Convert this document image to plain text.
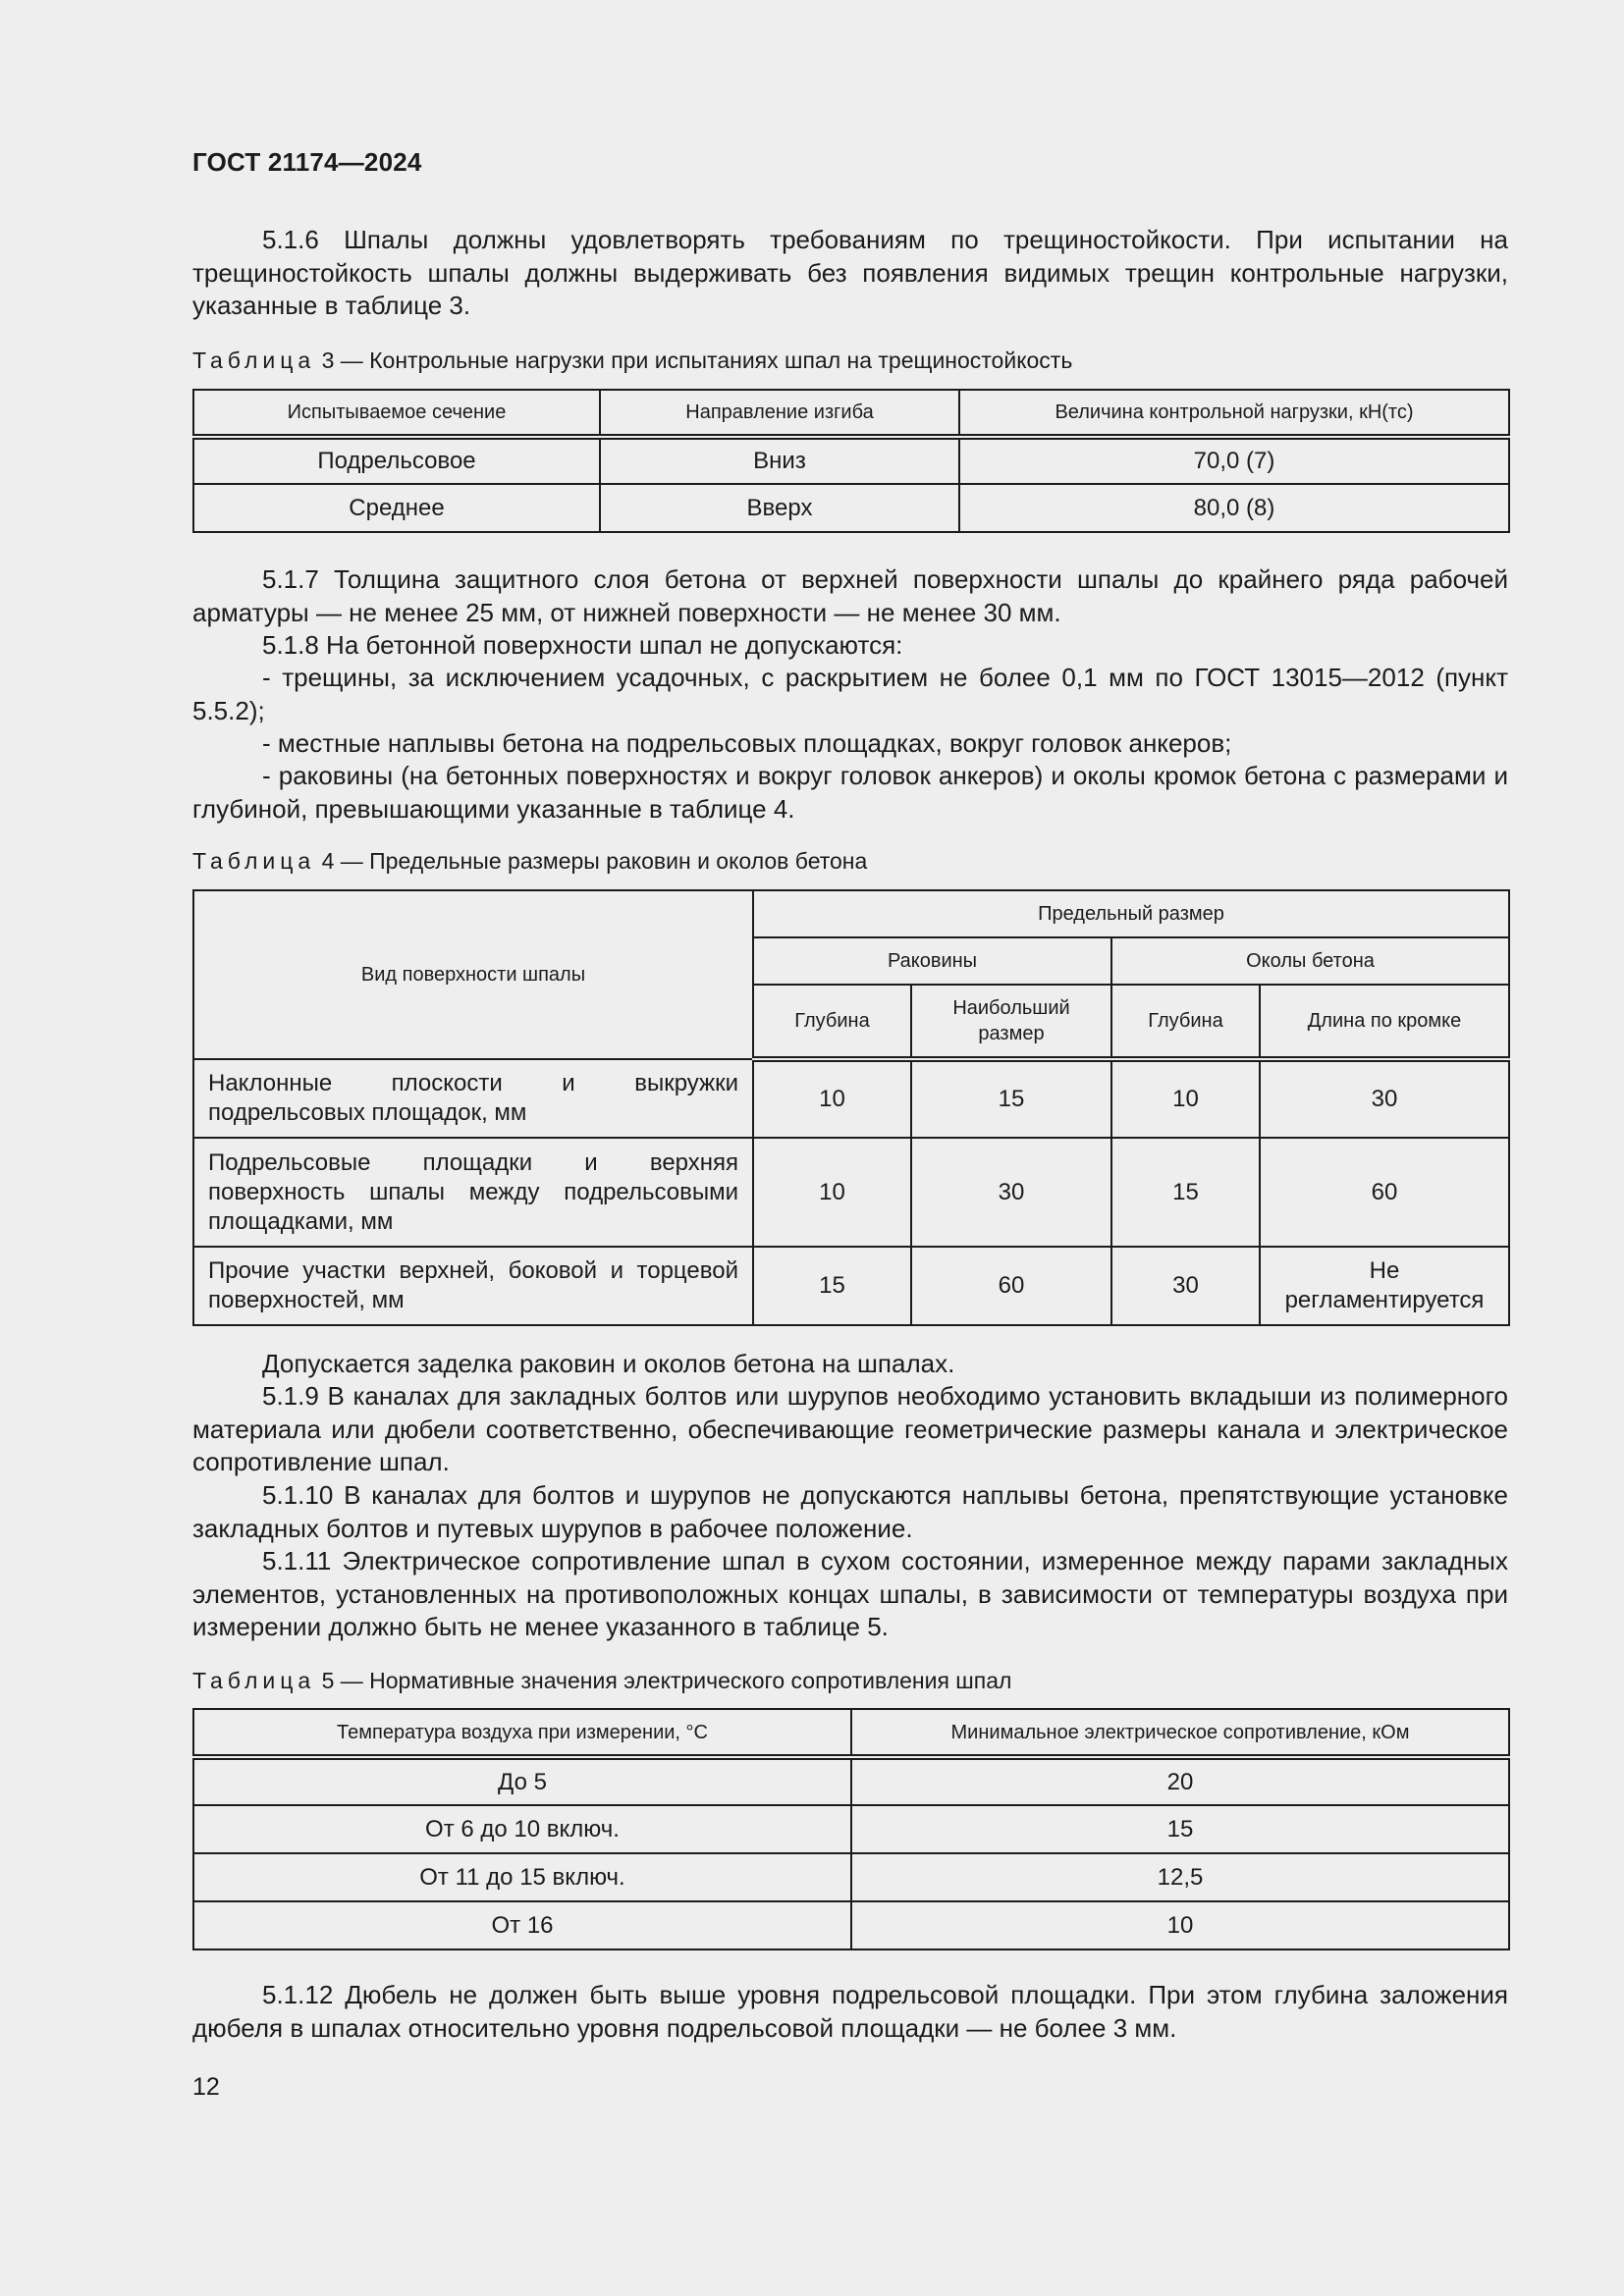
ГОСТ 21174—2024

5.1.6 Шпалы должны удовлетворять требованиям по трещиностойкости. При испытании на трещиностойкость шпалы должны выдерживать без появления видимых трещин контрольные нагрузки, указанные в таблице 3.

Таблица 3 — Контрольные нагрузки при испытаниях шпал на трещиностойкость
Испытываемое сечение	Направление изгиба	Величина контрольной нагрузки, кН(тс)
Подрельсовое	Вниз	70,0 (7)
Среднее	Вверх	80,0 (8)

5.1.7 Толщина защитного слоя бетона от верхней поверхности шпалы до крайнего ряда рабочей арматуры — не менее 25 мм, от нижней поверхности — не менее 30 мм.

5.1.8 На бетонной поверхности шпал не допускаются:

- трещины, за исключением усадочных, с раскрытием не более 0,1 мм по ГОСТ 13015—2012 (пункт 5.5.2);

- местные наплывы бетона на подрельсовых площадках, вокруг головок анкеров;

- раковины (на бетонных поверхностях и вокруг головок анкеров) и околы кромок бетона с размерами и глубиной, превышающими указанные в таблице 4.

Таблица 4 — Предельные размеры раковин и околов бетона
Вид поверхности шпалы	Предельный размер			
	Раковины		Околы бетона	
	Глубина	Наибольший размер	Глубина	Длина по кромке
Наклонные плоскости и выкружки подрельсовых площадок, мм	10	15	10	30
Подрельсовые площадки и верхняя поверхность шпалы между подрельсовыми площадками, мм	10	30	15	60
Прочие участки верхней, боковой и торцевой поверхностей, мм	15	60	30	Не регламентируется

Допускается заделка раковин и околов бетона на шпалах.

5.1.9 В каналах для закладных болтов или шурупов необходимо установить вкладыши из полимерного материала или дюбели соответственно, обеспечивающие геометрические размеры канала и электрическое сопротивление шпал.

5.1.10 В каналах для болтов и шурупов не допускаются наплывы бетона, препятствующие установке закладных болтов и путевых шурупов в рабочее положение.

5.1.11 Электрическое сопротивление шпал в сухом состоянии, измеренное между парами закладных элементов, установленных на противоположных концах шпалы, в зависимости от температуры воздуха при измерении должно быть не менее указанного в таблице 5.

Таблица 5 — Нормативные значения электрического сопротивления шпал
Температура воздуха при измерении, °С	Минимальное электрическое сопротивление, кОм
До 5	20
От 6 до 10 включ.	15
От 11 до 15 включ.	12,5
От 16	10

5.1.12 Дюбель не должен быть выше уровня подрельсовой площадки. При этом глубина заложения дюбеля в шпалах относительно уровня подрельсовой площадки — не более 3 мм.

12
